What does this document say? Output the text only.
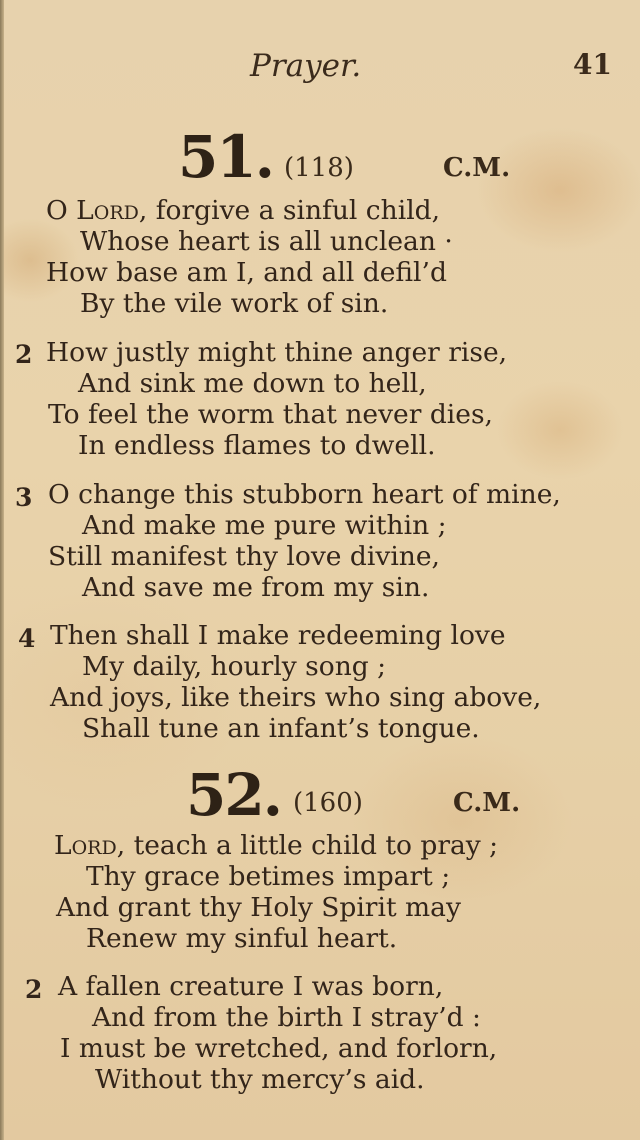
Prayer.	41
51. (118)	C.M.
O Lord, forgive a sinful child,
Whose heart is all unclean ·
How base am I, and all defil’d
By the vile work of sin.
2 How justly might thine anger rise,
And sink me down to hell,
To feel the worm that never dies,
In endless flames to dwell.
3 O change this stubborn heart of mine,
And make me pure within ;
Still manifest thy love divine,
And save me from my sin.
4 Then shall I make redeeming love
My daily, hourly song ;
And joys, like theirs who sing above,
Shall tune an infant’s tongue.
52. (160)	C.M.
Lord, teach a little child to pray ;
Thy grace betimes impart ;
And grant thy Holy Spirit may
Renew my sinful heart.
2 A fallen creature I was born,
And from the birth I stray’d :
I must be wretched, and forlorn,
Without thy mercy’s aid.
